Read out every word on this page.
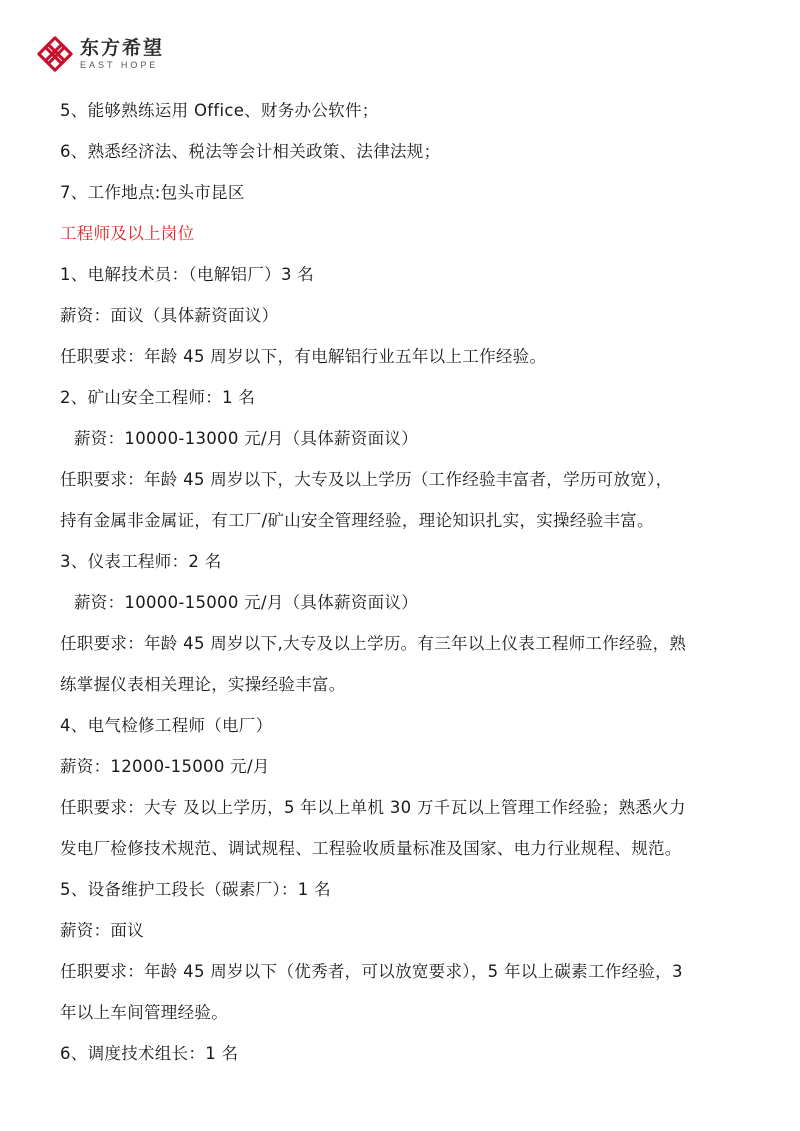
东方希望
EAST HOPE
5、能够熟练运用 Office、财务办公软件；
6、熟悉经济法、税法等会计相关政策、法律法规；
7、工作地点:包头市昆区
工程师及以上岗位
1、电解技术员：（电解铝厂）3 名
薪资：面议（具体薪资面议）
任职要求：年龄 45 周岁以下，有电解铝行业五年以上工作经验。
2、矿山安全工程师：1 名
薪资：10000-13000 元/月（具体薪资面议）
任职要求：年龄 45 周岁以下，大专及以上学历（工作经验丰富者，学历可放宽），
持有金属非金属证，有工厂/矿山安全管理经验，理论知识扎实，实操经验丰富。
3、仪表工程师：2 名
薪资：10000-15000 元/月（具体薪资面议）
任职要求：年龄 45 周岁以下,大专及以上学历。有三年以上仪表工程师工作经验，熟
练掌握仪表相关理论，实操经验丰富。
4、电气检修工程师（电厂）
薪资：12000-15000 元/月
任职要求：大专 及以上学历，5 年以上单机 30 万千瓦以上管理工作经验；熟悉火力
发电厂检修技术规范、调试规程、工程验收质量标准及国家、电力行业规程、规范。
5、设备维护工段长（碳素厂）：1 名
薪资：面议
任职要求：年龄 45 周岁以下（优秀者，可以放宽要求），5 年以上碳素工作经验，3
年以上车间管理经验。
6、调度技术组长：1 名
